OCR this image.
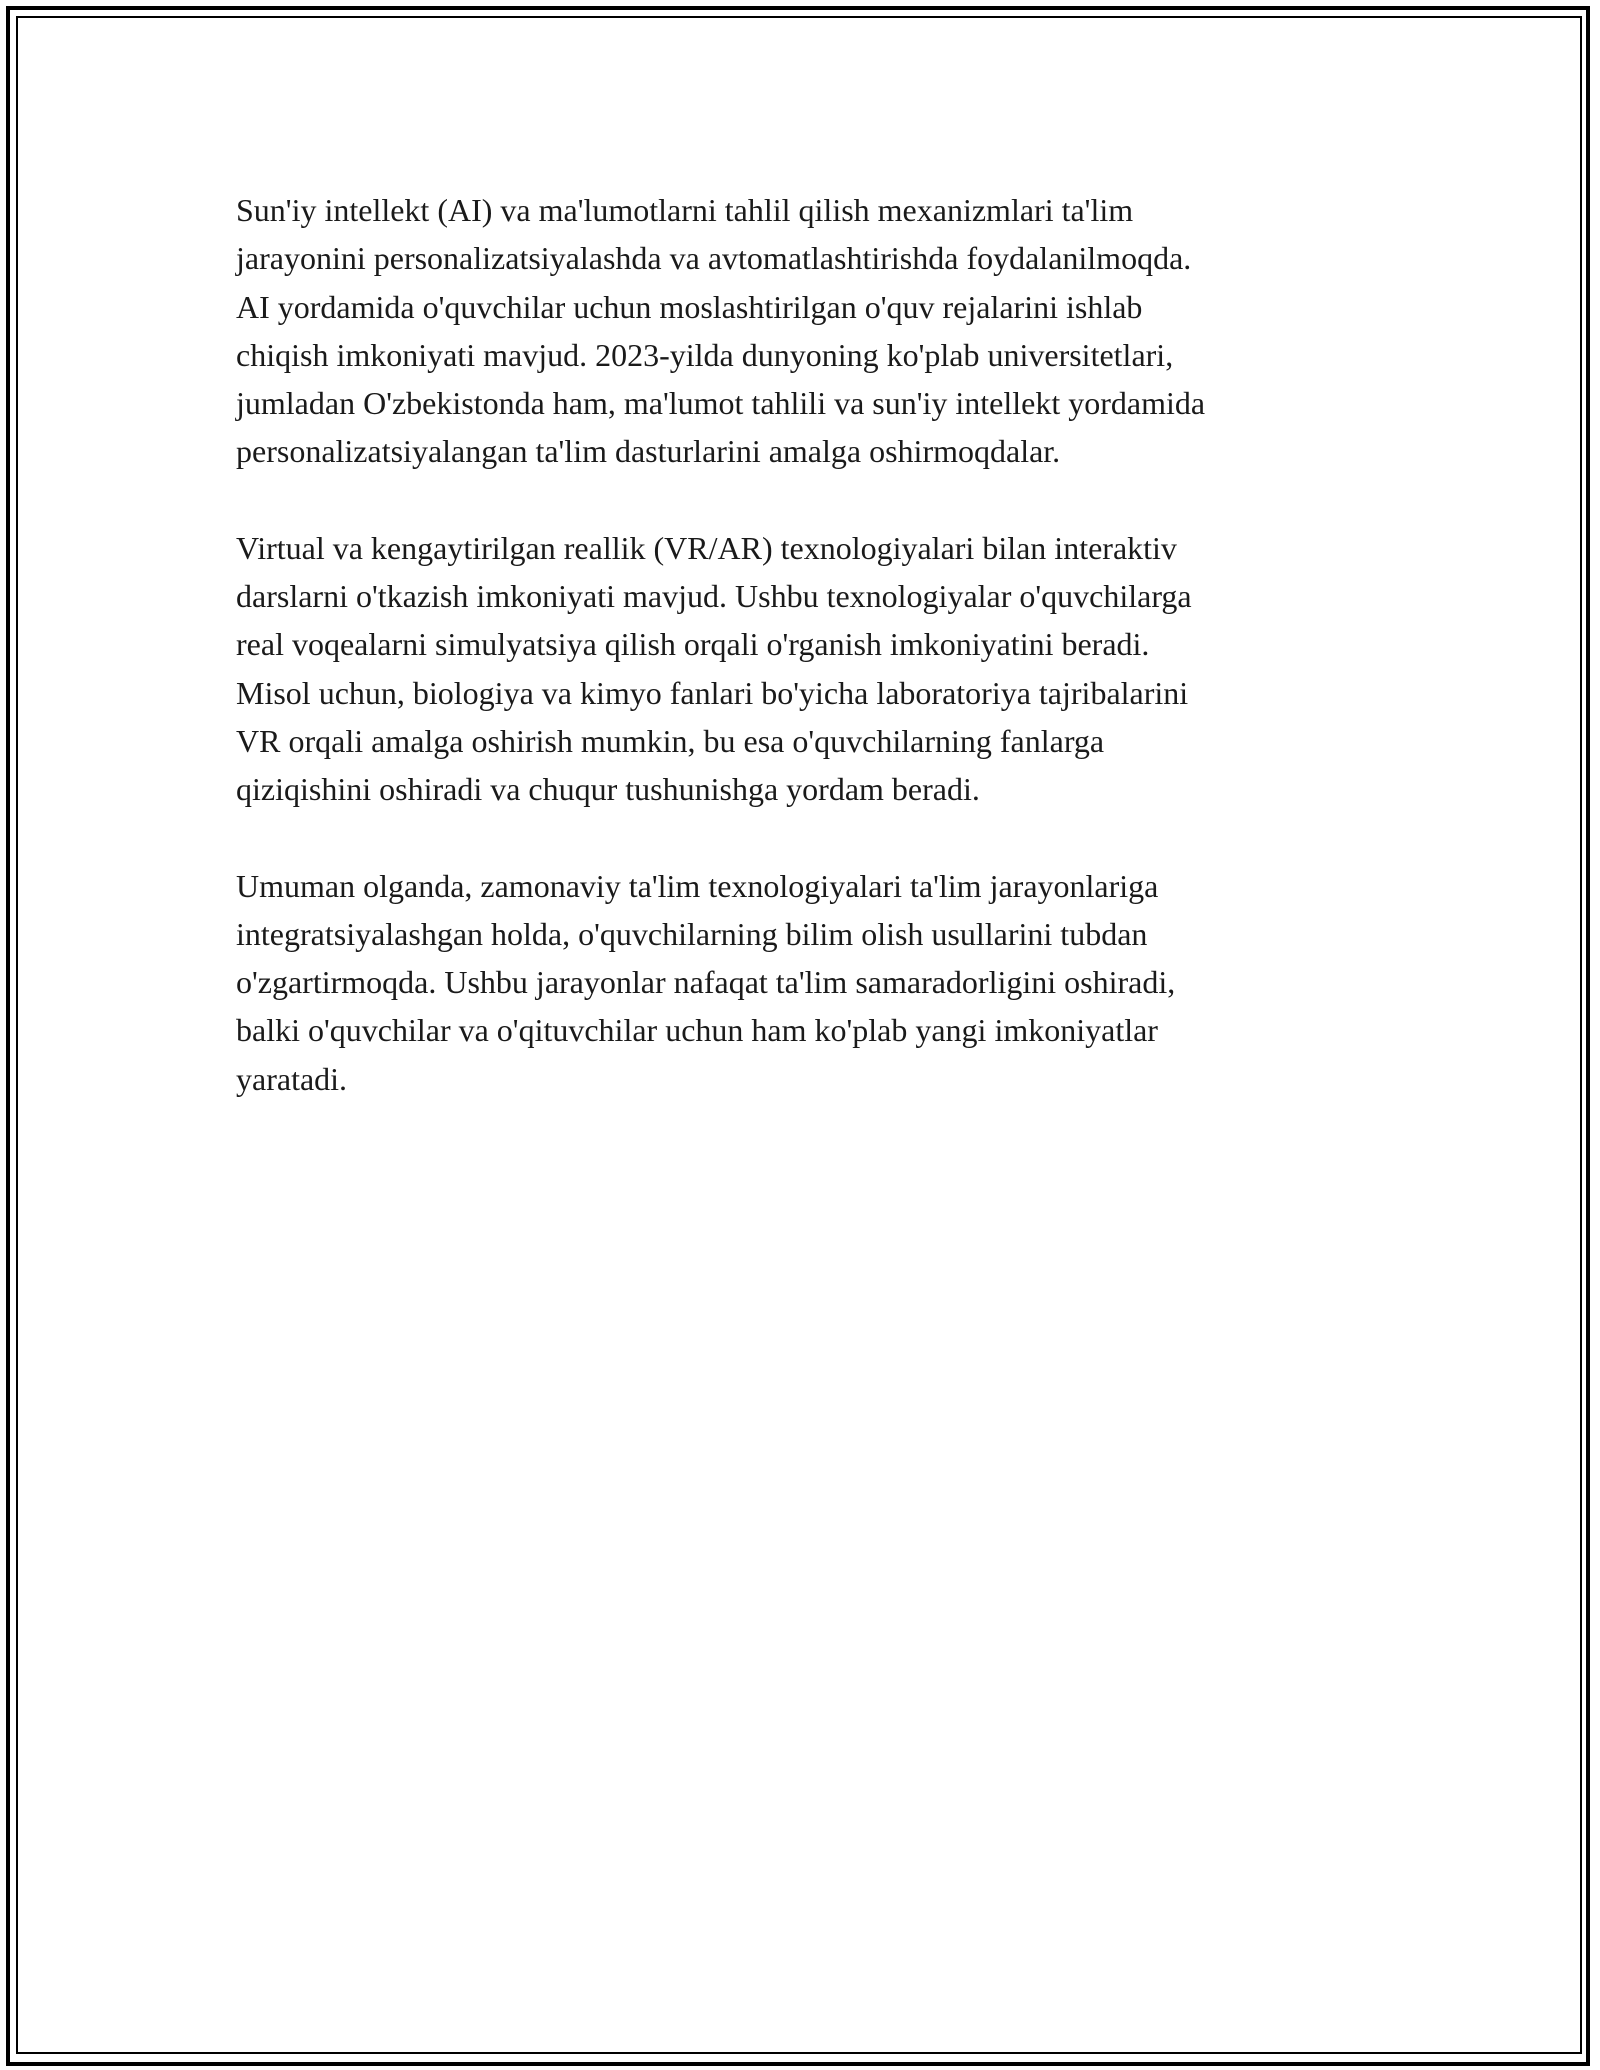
Sun'iy intellekt (AI) va ma'lumotlarni tahlil qilish mexanizmlari ta'lim
jarayonini personalizatsiyalashda va avtomatlashtirishda foydalanilmoqda.
AI yordamida o'quvchilar uchun moslashtirilgan o'quv rejalarini ishlab
chiqish imkoniyati mavjud. 2023-yilda dunyoning ko'plab universitetlari,
jumladan O'zbekistonda ham, ma'lumot tahlili va sun'iy intellekt yordamida
personalizatsiyalangan ta'lim dasturlarini amalga oshirmoqdalar.

Virtual va kengaytirilgan reallik (VR/AR) texnologiyalari bilan interaktiv
darslarni o'tkazish imkoniyati mavjud. Ushbu texnologiyalar o'quvchilarga
real voqealarni simulyatsiya qilish orqali o'rganish imkoniyatini beradi.
Misol uchun, biologiya va kimyo fanlari bo'yicha laboratoriya tajribalarini
VR orqali amalga oshirish mumkin, bu esa o'quvchilarning fanlarga
qiziqishini oshiradi va chuqur tushunishga yordam beradi.

Umuman olganda, zamonaviy ta'lim texnologiyalari ta'lim jarayonlariga
integratsiyalashgan holda, o'quvchilarning bilim olish usullarini tubdan
o'zgartirmoqda. Ushbu jarayonlar nafaqat ta'lim samaradorligini oshiradi,
balki o'quvchilar va o'qituvchilar uchun ham ko'plab yangi imkoniyatlar
yaratadi.
